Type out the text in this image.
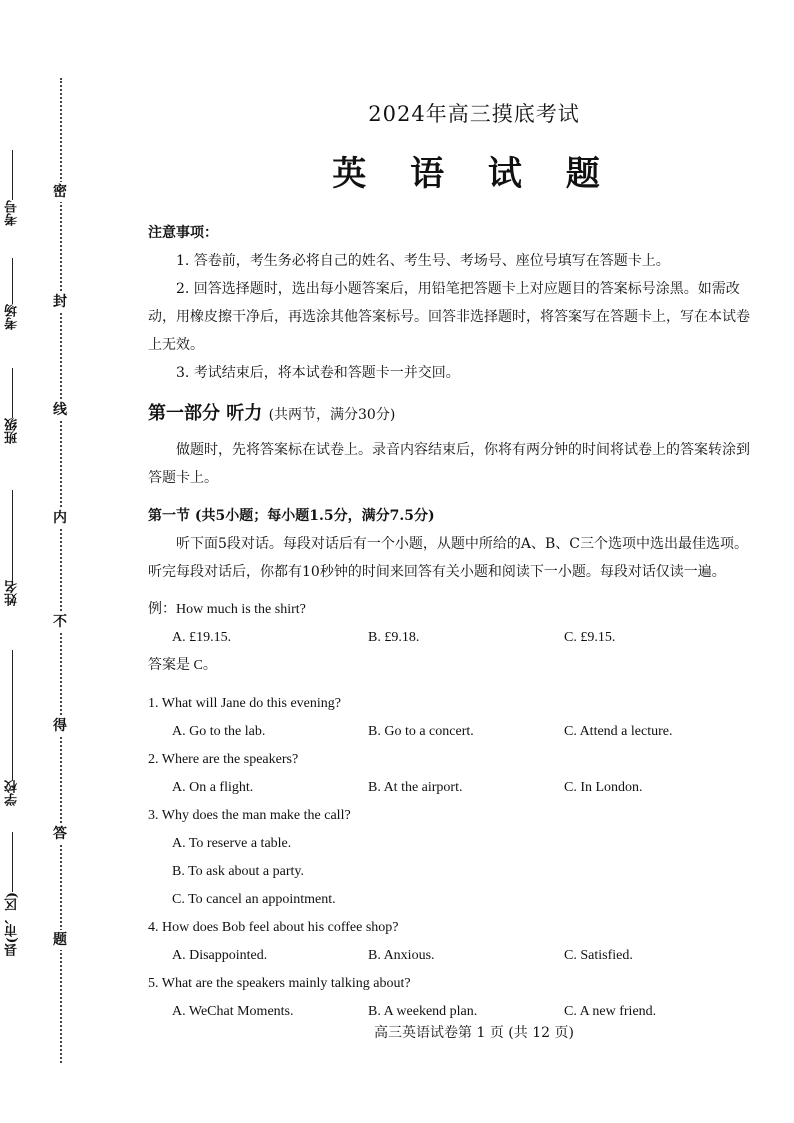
密
封
线
内
不
得
答
题
考号
考场
班级
姓名
学校
县(市、区)
2024年高三摸底考试
英 语 试 题

注意事项：

1. 答卷前，考生务必将自己的姓名、考生号、考场号、座位号填写在答题卡上。

2. 回答选择题时，选出每小题答案后，用铅笔把答题卡上对应题目的答案标号涂黑。如需改动，用橡皮擦干净后，再选涂其他答案标号。回答非选择题时，将答案写在答题卡上，写在本试卷上无效。

3. 考试结束后，将本试卷和答题卡一并交回。

第一部分 听力 (共两节，满分30分)

做题时，先将答案标在试卷上。录音内容结束后，你将有两分钟的时间将试卷上的答案转涂到答题卡上。

第一节 (共5小题；每小题1.5分，满分7.5分)

听下面5段对话。每段对话后有一个小题，从题中所给的A、B、C三个选项中选出最佳选项。听完每段对话后，你都有10秒钟的时间来回答有关小题和阅读下一小题。每段对话仅读一遍。

例：How much is the shirt?
A. £19.15.	B. £9.18.	C. £9.15.
答案是 C。
1. What will Jane do this evening?
A. Go to the lab.	B. Go to a concert.	C. Attend a lecture.
2. Where are the speakers?
A. On a flight.	B. At the airport.	C. In London.
3. Why does the man make the call?
A. To reserve a table.
B. To ask about a party.
C. To cancel an appointment.
4. How does Bob feel about his coffee shop?
A. Disappointed.	B. Anxious.	C. Satisfied.
5. What are the speakers mainly talking about?
A. WeChat Moments.	B. A weekend plan.	C. A new friend.
高三英语试卷第 1 页 (共 12 页)
